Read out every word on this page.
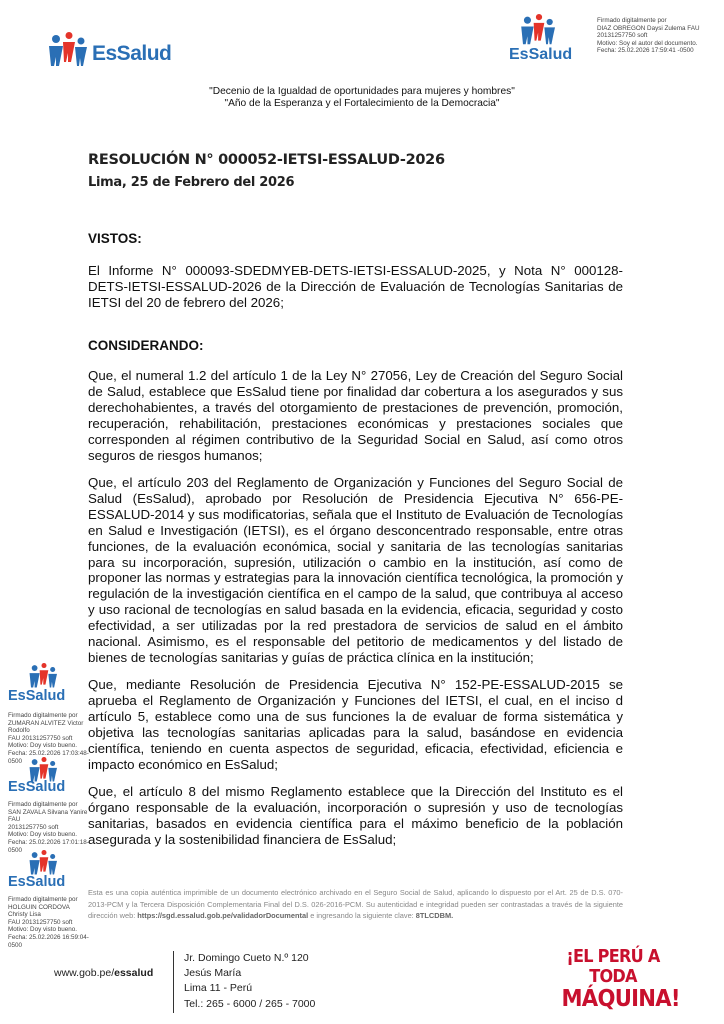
EsSalud	EsSalud
Firmado digitalmente por
DIAZ OBREGON Daysi Zulema FAU
20131257750 soft
Motivo: Soy el autor del documento.
Fecha: 25.02.2026 17:59:41 -0500
"Decenio de la Igualdad de oportunidades para mujeres y hombres"
"Año de la Esperanza y el Fortalecimiento de la Democracia"
RESOLUCIÓN N° 000052-IETSI-ESSALUD-2026
Lima, 25 de Febrero del 2026
VISTOS:
El Informe N° 000093-SDEDMYEB-DETS-IETSI-ESSALUD-2025, y Nota N° 000128-DETS-IETSI-ESSALUD-2026 de la Dirección de Evaluación de Tecnologías Sanitarias de IETSI del 20 de febrero del 2026;
CONSIDERANDO:
Que, el numeral 1.2 del artículo 1 de la Ley N° 27056, Ley de Creación del Seguro Social de Salud, establece que EsSalud tiene por finalidad dar cobertura a los asegurados y sus derechohabientes, a través del otorgamiento de prestaciones de prevención, promoción, recuperación, rehabilitación, prestaciones económicas y prestaciones sociales que corresponden al régimen contributivo de la Seguridad Social en Salud, así como otros seguros de riesgos humanos;
Que, el artículo 203 del Reglamento de Organización y Funciones del Seguro Social de Salud (EsSalud), aprobado por Resolución de Presidencia Ejecutiva N° 656-PE-ESSALUD-2014 y sus modificatorias, señala que el Instituto de Evaluación de Tecnologías en Salud e Investigación (IETSI), es el órgano desconcentrado responsable, entre otras funciones, de la evaluación económica, social y sanitaria de las tecnologías sanitarias para su incorporación, supresión, utilización o cambio en la institución, así como de proponer las normas y estrategias para la innovación científica tecnológica, la promoción y regulación de la investigación científica en el campo de la salud, que contribuya al acceso y uso racional de tecnologías en salud basada en la evidencia, eficacia, seguridad y costo efectividad, a ser utilizadas por la red prestadora de servicios de salud en el ámbito nacional. Asimismo, es el responsable del petitorio de medicamentos y del listado de bienes de tecnologías sanitarias y guías de práctica clínica en la institución;
Que, mediante Resolución de Presidencia Ejecutiva N° 152-PE-ESSALUD-2015 se aprueba el Reglamento de Organización y Funciones del IETSI, el cual, en el inciso d artículo 5, establece como una de sus funciones la de evaluar de forma sistemática y objetiva las tecnologías sanitarias aplicadas para la salud, basándose en evidencia científica, teniendo en cuenta aspectos de seguridad, eficacia, efectividad, eficiencia e impacto económico en EsSalud;
Que, el artículo 8 del mismo Reglamento establece que la Dirección del Instituto es el órgano responsable de la evaluación, incorporación o supresión y uso de tecnologías sanitarias, basados en evidencia científica para el máximo beneficio de la población asegurada y la sostenibilidad financiera de EsSalud;
EsSalud
Firmado digitalmente por
ZUMARAN ALVITEZ Victor Rodolfo
FAU 20131257750 soft
Motivo: Doy visto bueno.
Fecha: 25.02.2026 17:03:48-0500
EsSalud
Firmado digitalmente por
SAN ZAVALA Silvana Yanire FAU
20131257750 soft
Motivo: Doy visto bueno.
Fecha: 25.02.2026 17:01:18-0500
EsSalud
Firmado digitalmente por
HOLGUIN CORDOVA Christy Lisa
FAU 20131257750 soft
Motivo: Doy visto bueno.
Fecha: 25.02.2026 16:59:04-0500
Esta es una copia auténtica imprimible de un documento electrónico archivado en el Seguro Social de Salud, aplicando lo dispuesto por el Art. 25 de D.S. 070-2013-PCM y la Tercera Disposición Complementaria Final del D.S. 026-2016-PCM. Su autenticidad e integridad pueden ser contrastadas a través de la siguiente dirección web: https://sgd.essalud.gob.pe/validadorDocumental e ingresando la siguiente clave: 8TLCDBM.
www.gob.pe/essalud
Jr. Domingo Cueto N.º 120
Jesús María
Lima 11 - Perú
Tel.: 265 - 6000 / 265 - 7000
¡EL PERÚ A TODA
MÁQUINA!
